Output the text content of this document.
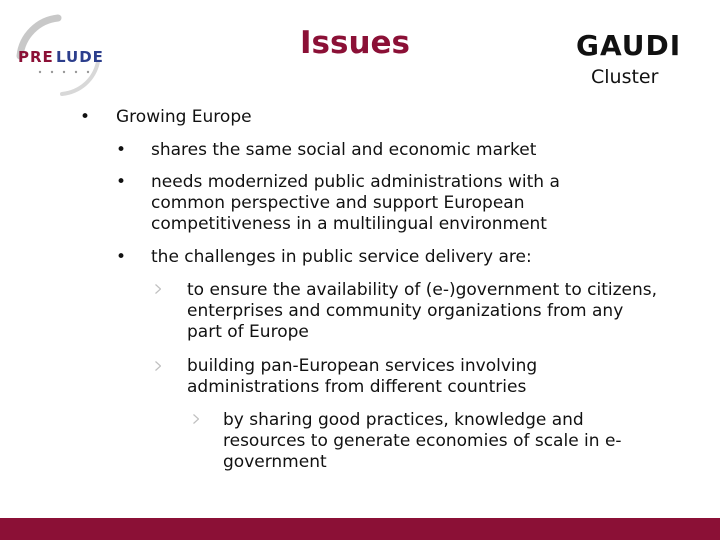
PRE LUDE	Issues	GAUDI
Cluster
• Growing Europe
• shares the same social and economic market
• needs modernized public administrations with a common perspective and support European competitiveness in a multilingual environment
• the challenges in public service delivery are:
to ensure the availability of (e-)government to citizens, enterprises and community organizations from any part of Europe
building pan-European services involving administrations from different countries
by sharing good practices, knowledge and resources to generate economies of scale in e-government
